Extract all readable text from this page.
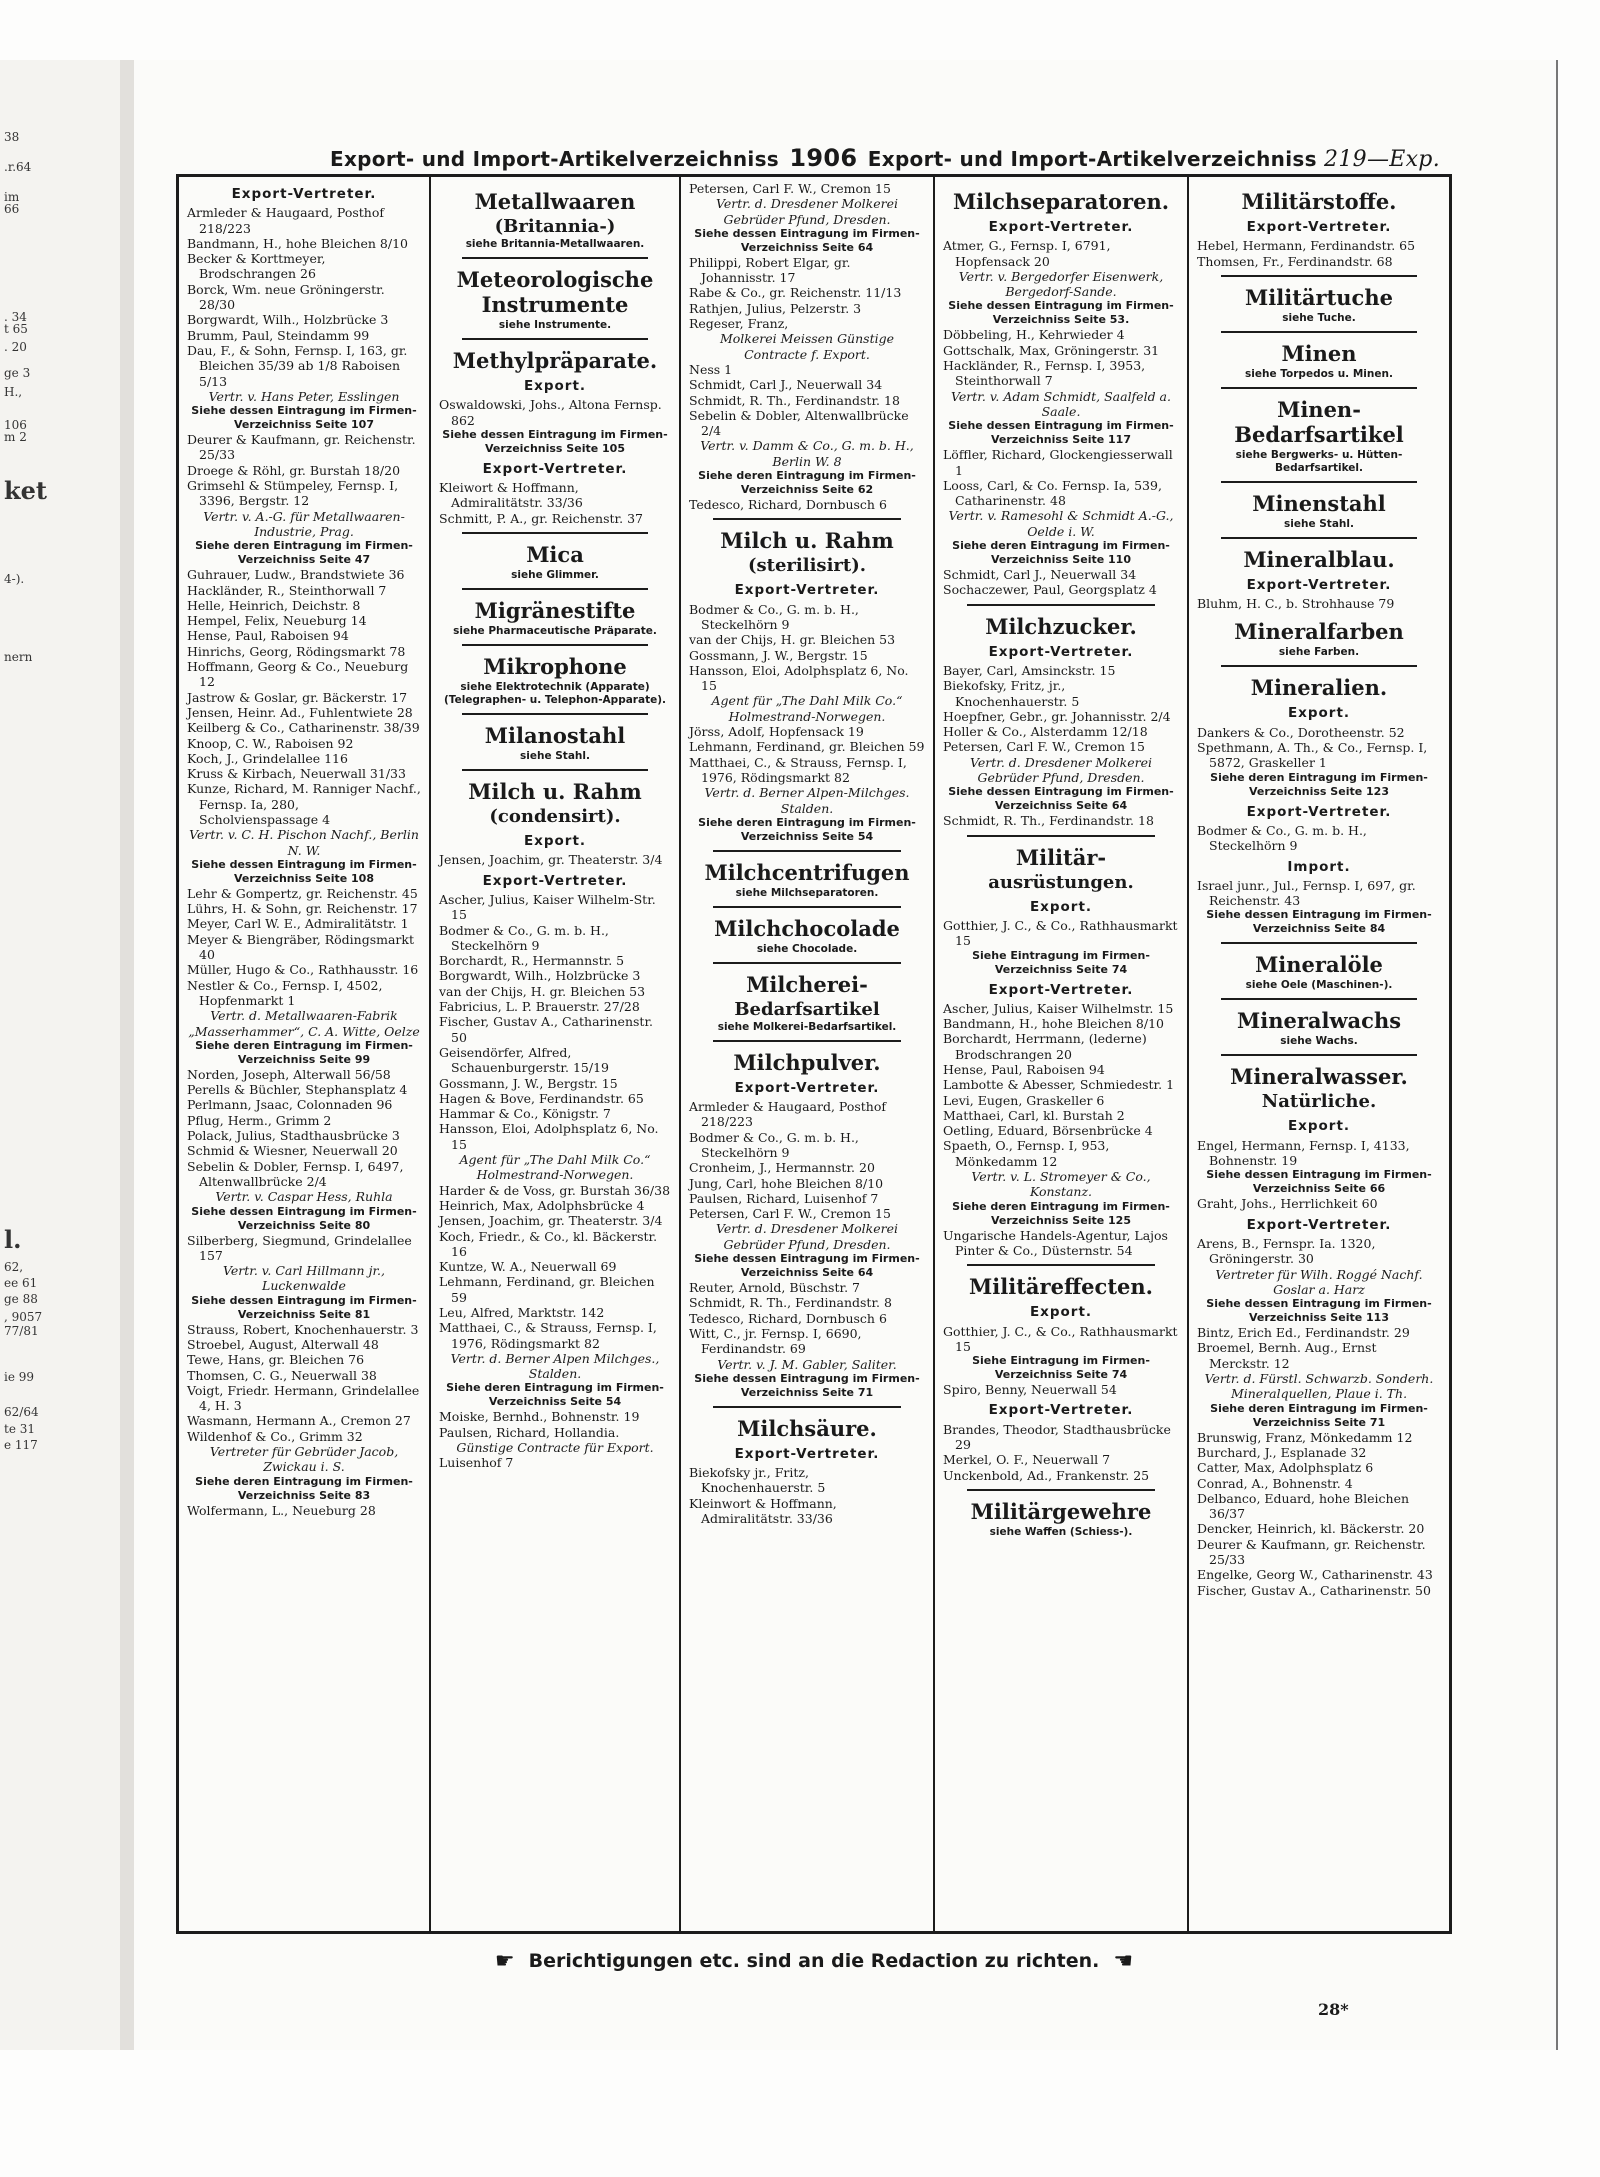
38
.r.64
im
66
. 34
t 65
. 20
ge 3
H.,
106
m 2
ket
4-).
nern
l.
62,
ee 61
ge 88
, 9057
77/81
ie 99
62/64
te 31
e 117
Export- und Import-Artikelverzeichniss 1906 Export- und Import-Artikelverzeichniss 219—Exp.
Export-Vertreter.
Armleder & Haugaard, Posthof 218/223
Bandmann, H., hohe Bleichen 8/10
Becker & Korttmeyer, Brodschrangen 26
Borck, Wm. neue Gröningerstr. 28/30
Borgwardt, Wilh., Holzbrücke 3
Brumm, Paul, Steindamm 99
Dau, F., & Sohn, Fernsp. I, 163, gr. Bleichen 35/39 ab 1/8 Raboisen 5/13
Vertr. v. Hans Peter, Esslingen
Siehe dessen Eintragung im Firmen-Verzeichniss Seite 107
Deurer & Kaufmann, gr. Reichenstr. 25/33
Droege & Röhl, gr. Burstah 18/20
Grimsehl & Stümpeley, Fernsp. I, 3396, Bergstr. 12
Vertr. v. A.-G. für Metallwaaren-Industrie, Prag.
Siehe deren Eintragung im Firmen-Verzeichniss Seite 47
Guhrauer, Ludw., Brandstwiete 36
Hackländer, R., Steinthorwall 7
Helle, Heinrich, Deichstr. 8
Hempel, Felix, Neueburg 14
Hense, Paul, Raboisen 94
Hinrichs, Georg, Rödingsmarkt 78
Hoffmann, Georg & Co., Neueburg 12
Jastrow & Goslar, gr. Bäckerstr. 17
Jensen, Heinr. Ad., Fuhlentwiete 28
Keilberg & Co., Catharinenstr. 38/39
Knoop, C. W., Raboisen 92
Koch, J., Grindelallee 116
Kruss & Kirbach, Neuerwall 31/33
Kunze, Richard, M. Ranniger Nachf., Fernsp. Ia, 280, Scholvienspassage 4
Vertr. v. C. H. Pischon Nachf., Berlin N. W.
Siehe dessen Eintragung im Firmen-Verzeichniss Seite 108
Lehr & Gompertz, gr. Reichenstr. 45
Lührs, H. & Sohn, gr. Reichenstr. 17
Meyer, Carl W. E., Admiralitätstr. 1
Meyer & Biengräber, Rödingsmarkt 40
Müller, Hugo & Co., Rathhausstr. 16
Nestler & Co., Fernsp. I, 4502, Hopfenmarkt 1
Vertr. d. Metallwaaren-Fabrik „Masserhammer“, C. A. Witte, Oelze
Siehe deren Eintragung im Firmen-Verzeichniss Seite 99
Norden, Joseph, Alterwall 56/58
Perells & Büchler, Stephansplatz 4
Perlmann, Jsaac, Colonnaden 96
Pflug, Herm., Grimm 2
Polack, Julius, Stadthausbrücke 3
Schmid & Wiesner, Neuerwall 20
Sebelin & Dobler, Fernsp. I, 6497, Altenwallbrücke 2/4
Vertr. v. Caspar Hess, Ruhla
Siehe dessen Eintragung im Firmen-Verzeichniss Seite 80
Silberberg, Siegmund, Grindelallee 157
Vertr. v. Carl Hillmann jr., Luckenwalde
Siehe dessen Eintragung im Firmen-Verzeichniss Seite 81
Strauss, Robert, Knochenhauerstr. 3
Stroebel, August, Alterwall 48
Tewe, Hans, gr. Bleichen 76
Thomsen, C. G., Neuerwall 38
Voigt, Friedr. Hermann, Grindelallee 4, H. 3
Wasmann, Hermann A., Cremon 27
Wildenhof & Co., Grimm 32
Vertreter für Gebrüder Jacob, Zwickau i. S.
Siehe deren Eintragung im Firmen-Verzeichniss Seite 83
Wolfermann, L., Neueburg 28
Metallwaaren
(Britannia-)
siehe Britannia-Metallwaaren.
Meteorologische Instrumente
siehe Instrumente.
Methylpräparate.
Export.
Oswaldowski, Johs., Altona Fernsp. 862
Siehe dessen Eintragung im Firmen-Verzeichniss Seite 105
Export-Vertreter.
Kleiwort & Hoffmann, Admiralitätstr. 33/36
Schmitt, P. A., gr. Reichenstr. 37
Mica
siehe Glimmer.
Migränestifte
siehe Pharmaceutische Präparate.
Mikrophone
siehe Elektrotechnik (Apparate) (Telegraphen- u. Telephon-Apparate).
Milanostahl
siehe Stahl.
Milch u. Rahm
(condensirt).
Export.
Jensen, Joachim, gr. Theaterstr. 3/4
Export-Vertreter.
Ascher, Julius, Kaiser Wilhelm-Str. 15
Bodmer & Co., G. m. b. H., Steckelhörn 9
Borchardt, R., Hermannstr. 5
Borgwardt, Wilh., Holzbrücke 3
van der Chijs, H. gr. Bleichen 53
Fabricius, L. P. Brauerstr. 27/28
Fischer, Gustav A., Catharinenstr. 50
Geisendörfer, Alfred, Schauenburgerstr. 15/19
Gossmann, J. W., Bergstr. 15
Hagen & Bove, Ferdinandstr. 65
Hammar & Co., Königstr. 7
Hansson, Eloi, Adolphsplatz 6, No. 15
Agent für „The Dahl Milk Co.“ Holmestrand-Norwegen.
Harder & de Voss, gr. Burstah 36/38
Heinrich, Max, Adolphsbrücke 4
Jensen, Joachim, gr. Theaterstr. 3/4
Koch, Friedr., & Co., kl. Bäckerstr. 16
Kuntze, W. A., Neuerwall 69
Lehmann, Ferdinand, gr. Bleichen 59
Leu, Alfred, Marktstr. 142
Matthaei, C., & Strauss, Fernsp. I, 1976, Rödingsmarkt 82
Vertr. d. Berner Alpen Milchges., Stalden.
Siehe deren Eintragung im Firmen-Verzeichniss Seite 54
Moiske, Bernhd., Bohnenstr. 19
Paulsen, Richard, Hollandia.
Günstige Contracte für Export.
Luisenhof 7
Petersen, Carl F. W., Cremon 15
Vertr. d. Dresdener Molkerei Gebrüder Pfund, Dresden.
Siehe dessen Eintragung im Firmen-Verzeichniss Seite 64
Philippi, Robert Elgar, gr. Johannisstr. 17
Rabe & Co., gr. Reichenstr. 11/13
Rathjen, Julius, Pelzerstr. 3
Regeser, Franz,
Molkerei Meissen Günstige Contracte f. Export.
Ness 1
Schmidt, Carl J., Neuerwall 34
Schmidt, R. Th., Ferdinandstr. 18
Sebelin & Dobler, Altenwallbrücke 2/4
Vertr. v. Damm & Co., G. m. b. H., Berlin W. 8
Siehe deren Eintragung im Firmen-Verzeichniss Seite 62
Tedesco, Richard, Dornbusch 6
Milch u. Rahm
(sterilisirt).
Export-Vertreter.
Bodmer & Co., G. m. b. H., Steckelhörn 9
van der Chijs, H. gr. Bleichen 53
Gossmann, J. W., Bergstr. 15
Hansson, Eloi, Adolphsplatz 6, No. 15
Agent für „The Dahl Milk Co.“ Holmestrand-Norwegen.
Jörss, Adolf, Hopfensack 19
Lehmann, Ferdinand, gr. Bleichen 59
Matthaei, C., & Strauss, Fernsp. I, 1976, Rödingsmarkt 82
Vertr. d. Berner Alpen-Milchges. Stalden.
Siehe deren Eintragung im Firmen-Verzeichniss Seite 54
Milchcentrifugen
siehe Milchseparatoren.
Milchchocolade
siehe Chocolade.
Milcherei-
Bedarfsartikel
siehe Molkerei-Bedarfsartikel.
Milchpulver.
Export-Vertreter.
Armleder & Haugaard, Posthof 218/223
Bodmer & Co., G. m. b. H., Steckelhörn 9
Cronheim, J., Hermannstr. 20
Jung, Carl, hohe Bleichen 8/10
Paulsen, Richard, Luisenhof 7
Petersen, Carl F. W., Cremon 15
Vertr. d. Dresdener Molkerei Gebrüder Pfund, Dresden.
Siehe dessen Eintragung im Firmen-Verzeichniss Seite 64
Reuter, Arnold, Büschstr. 7
Schmidt, R. Th., Ferdinandstr. 8
Tedesco, Richard, Dornbusch 6
Witt, C., jr. Fernsp. I, 6690, Ferdinandstr. 69
Vertr. v. J. M. Gabler, Saliter.
Siehe dessen Eintragung im Firmen-Verzeichniss Seite 71
Milchsäure.
Export-Vertreter.
Biekofsky jr., Fritz, Knochenhauerstr. 5
Kleinwort & Hoffmann, Admiralitätstr. 33/36
Milchseparatoren.
Export-Vertreter.
Atmer, G., Fernsp. I, 6791, Hopfensack 20
Vertr. v. Bergedorfer Eisenwerk, Bergedorf-Sande.
Siehe dessen Eintragung im Firmen-Verzeichniss Seite 53.
Döbbeling, H., Kehrwieder 4
Gottschalk, Max, Gröningerstr. 31
Hackländer, R., Fernsp. I, 3953, Steinthorwall 7
Vertr. v. Adam Schmidt, Saalfeld a. Saale.
Siehe dessen Eintragung im Firmen-Verzeichniss Seite 117
Löffler, Richard, Glockengiesserwall 1
Looss, Carl, & Co. Fernsp. Ia, 539, Catharinenstr. 48
Vertr. v. Ramesohl & Schmidt A.-G., Oelde i. W.
Siehe deren Eintragung im Firmen-Verzeichniss Seite 110
Schmidt, Carl J., Neuerwall 34
Sochaczewer, Paul, Georgsplatz 4
Milchzucker.
Export-Vertreter.
Bayer, Carl, Amsinckstr. 15
Biekofsky, Fritz, jr., Knochenhauerstr. 5
Hoepfner, Gebr., gr. Johannisstr. 2/4
Holler & Co., Alsterdamm 12/18
Petersen, Carl F. W., Cremon 15
Vertr. d. Dresdener Molkerei Gebrüder Pfund, Dresden.
Siehe dessen Eintragung im Firmen-Verzeichniss Seite 64
Schmidt, R. Th., Ferdinandstr. 18
Militär-
ausrüstungen.
Export.
Gotthier, J. C., & Co., Rathhausmarkt 15
Siehe Eintragung im Firmen-Verzeichniss Seite 74
Export-Vertreter.
Ascher, Julius, Kaiser Wilhelmstr. 15
Bandmann, H., hohe Bleichen 8/10
Borchardt, Herrmann, (lederne) Brodschrangen 20
Hense, Paul, Raboisen 94
Lambotte & Abesser, Schmiedestr. 1
Levi, Eugen, Graskeller 6
Matthaei, Carl, kl. Burstah 2
Oetling, Eduard, Börsenbrücke 4
Spaeth, O., Fernsp. I, 953, Mönkedamm 12
Vertr. v. L. Stromeyer & Co., Konstanz.
Siehe deren Eintragung im Firmen-Verzeichniss Seite 125
Ungarische Handels-Agentur, Lajos Pinter & Co., Düsternstr. 54
Militäreffecten.
Export.
Gotthier, J. C., & Co., Rathhausmarkt 15
Siehe Eintragung im Firmen-Verzeichniss Seite 74
Spiro, Benny, Neuerwall 54
Export-Vertreter.
Brandes, Theodor, Stadthausbrücke 29
Merkel, O. F., Neuerwall 7
Unckenbold, Ad., Frankenstr. 25
Militärgewehre
siehe Waffen (Schiess-).
Militärstoffe.
Export-Vertreter.
Hebel, Hermann, Ferdinandstr. 65
Thomsen, Fr., Ferdinandstr. 68
Militärtuche
siehe Tuche.
Minen
siehe Torpedos u. Minen.
Minen-Bedarfsartikel
siehe Bergwerks- u. Hütten-Bedarfsartikel.
Minenstahl
siehe Stahl.
Mineralblau.
Export-Vertreter.
Bluhm, H. C., b. Strohhause 79
Mineralfarben
siehe Farben.
Mineralien.
Export.
Dankers & Co., Dorotheenstr. 52
Spethmann, A. Th., & Co., Fernsp. I, 5872, Graskeller 1
Siehe deren Eintragung im Firmen-Verzeichniss Seite 123
Export-Vertreter.
Bodmer & Co., G. m. b. H., Steckelhörn 9
Import.
Israel junr., Jul., Fernsp. I, 697, gr. Reichenstr. 43
Siehe dessen Eintragung im Firmen-Verzeichniss Seite 84
Mineralöle
siehe Oele (Maschinen-).
Mineralwachs
siehe Wachs.
Mineralwasser.
Natürliche.
Export.
Engel, Hermann, Fernsp. I, 4133, Bohnenstr. 19
Siehe dessen Eintragung im Firmen-Verzeichniss Seite 66
Graht, Johs., Herrlichkeit 60
Export-Vertreter.
Arens, B., Fernspr. Ia. 1320, Gröningerstr. 30
Vertreter für Wilh. Roggé Nachf. Goslar a. Harz
Siehe dessen Eintragung im Firmen-Verzeichniss Seite 113
Bintz, Erich Ed., Ferdinandstr. 29
Broemel, Bernh. Aug., Ernst Merckstr. 12
Vertr. d. Fürstl. Schwarzb. Sonderh. Mineralquellen, Plaue i. Th.
Siehe deren Eintragung im Firmen-Verzeichniss Seite 71
Brunswig, Franz, Mönkedamm 12
Burchard, J., Esplanade 32
Catter, Max, Adolphsplatz 6
Conrad, A., Bohnenstr. 4
Delbanco, Eduard, hohe Bleichen 36/37
Dencker, Heinrich, kl. Bäckerstr. 20
Deurer & Kaufmann, gr. Reichenstr. 25/33
Engelke, Georg W., Catharinenstr. 43
Fischer, Gustav A., Catharinenstr. 50
☛ Berichtigungen etc. sind an die Redaction zu richten. ☚
28*
